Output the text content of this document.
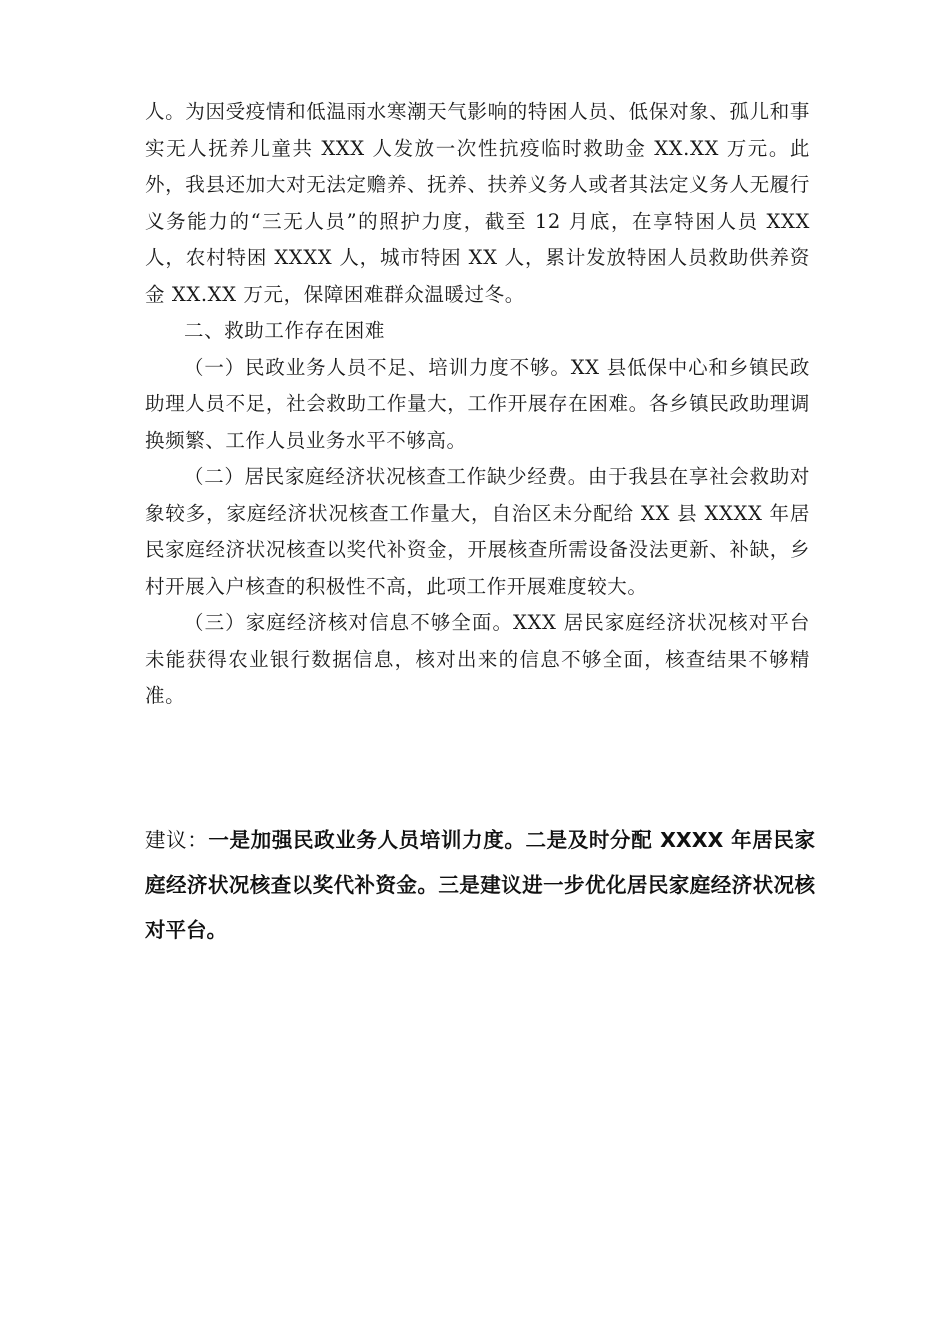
人。为因受疫情和低温雨水寒潮天气影响的特困人员、低保对象、孤儿和事实无人抚养儿童共 XXX 人发放一次性抗疫临时救助金 XX.XX 万元。此外，我县还加大对无法定赡养、抚养、扶养义务人或者其法定义务人无履行义务能力的“三无人员”的照护力度，截至 12 月底，在享特困人员 XXX 人，农村特困 XXXX 人，城市特困 XX 人，累计发放特困人员救助供养资金 XX.XX 万元，保障困难群众温暖过冬。

二、救助工作存在困难

（一）民政业务人员不足、培训力度不够。XX 县低保中心和乡镇民政助理人员不足，社会救助工作量大，工作开展存在困难。各乡镇民政助理调换频繁、工作人员业务水平不够高。

（二）居民家庭经济状况核查工作缺少经费。由于我县在享社会救助对象较多，家庭经济状况核查工作量大，自治区未分配给 XX 县 XXXX 年居民家庭经济状况核查以奖代补资金，开展核查所需设备没法更新、补缺，乡村开展入户核查的积极性不高，此项工作开展难度较大。

（三）家庭经济核对信息不够全面。XXX 居民家庭经济状况核对平台未能获得农业银行数据信息，核对出来的信息不够全面，核查结果不够精准。

建议：一是加强民政业务人员培训力度。二是及时分配 XXXX 年居民家庭经济状况核查以奖代补资金。三是建议进一步优化居民家庭经济状况核对平台。
